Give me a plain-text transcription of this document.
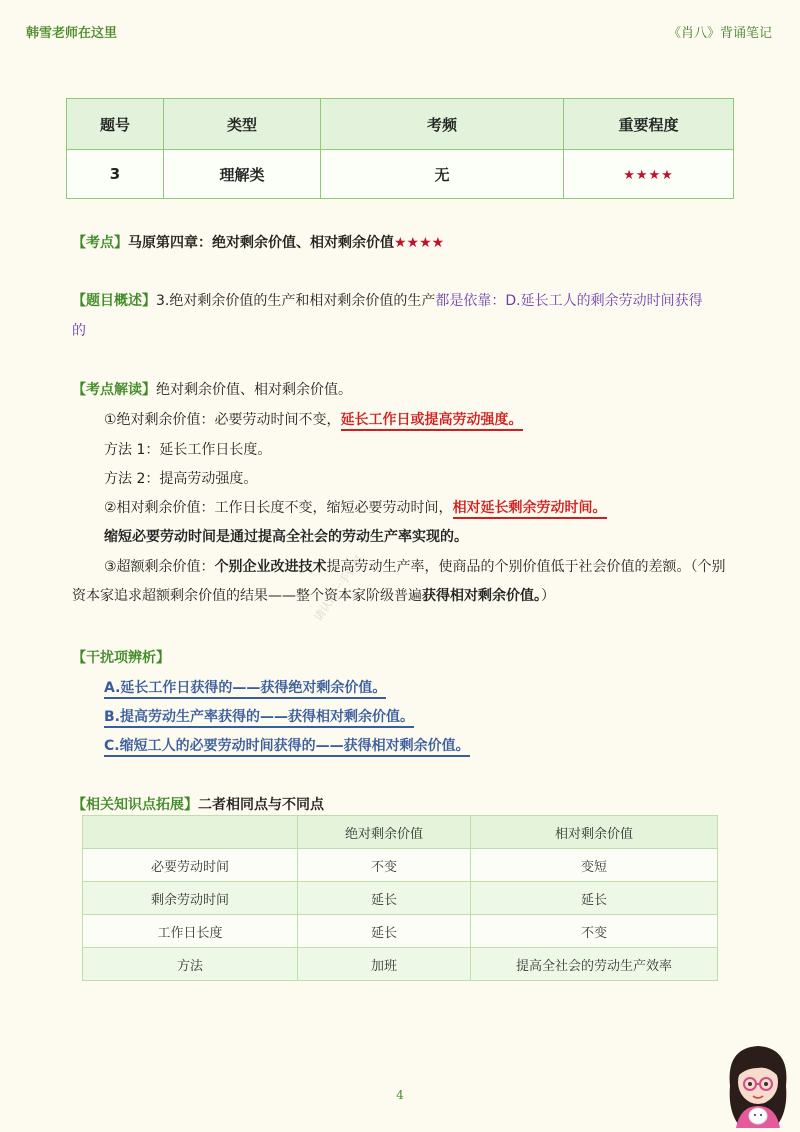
韩雪老师在这里	《肖八》背诵笔记
题号	类型	考频	重要程度
3	理解类	无	★★★★
【考点】马原第四章：绝对剩余价值、相对剩余价值★★★★
【题目概述】3.绝对剩余价值的生产和相对剩余价值的生产都是依靠：D.延长工人的剩余劳动时间获得
的
【考点解读】绝对剩余价值、相对剩余价值。
①绝对剩余价值：必要劳动时间不变，延长工作日或提高劳动强度。
方法 1：延长工作日长度。
方法 2：提高劳动强度。
②相对剩余价值：工作日长度不变，缩短必要劳动时间，相对延长剩余劳动时间。
缩短必要劳动时间是通过提高全社会的劳动生产率实现的。
③超额剩余价值：个别企业改进技术提高劳动生产率，使商品的个别价值低于社会价值的差额。（个别
资本家追求超额剩余价值的结果——整个资本家阶级普遍获得相对剩余价值。）
请认准一手资料
【干扰项辨析】
A.延长工作日获得的——获得绝对剩余价值。
B.提高劳动生产率获得的——获得相对剩余价值。
C.缩短工人的必要劳动时间获得的——获得相对剩余价值。
【相关知识点拓展】二者相同点与不同点
	绝对剩余价值	相对剩余价值
必要劳动时间	不变	变短
剩余劳动时间	延长	延长
工作日长度	延长	不变
方法	加班	提高全社会的劳动生产效率
4
